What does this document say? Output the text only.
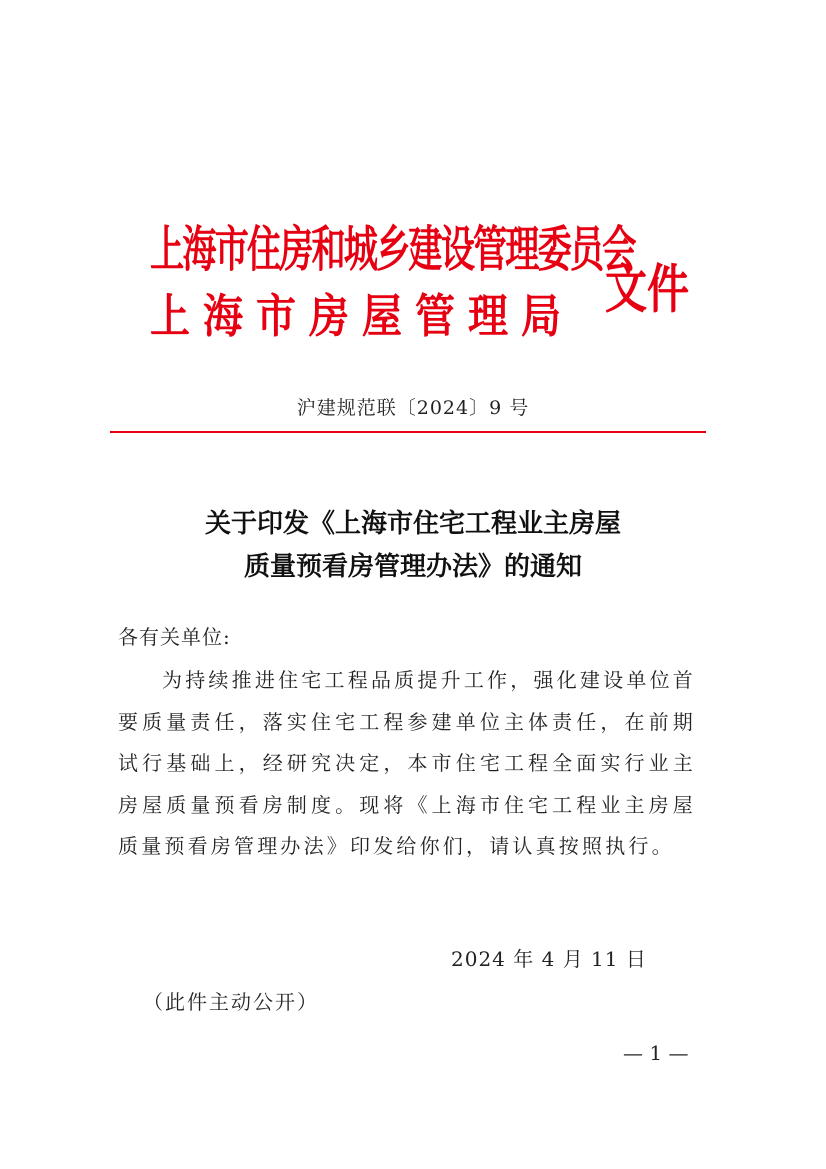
上海市住房和城乡建设管理委员会
上海市房屋管理局 文件
沪建规范联〔2024〕9 号
关于印发《上海市住宅工程业主房屋
质量预看房管理办法》的通知
各有关单位:
为持续推进住宅工程品质提升工作，强化建设单位首要质量责任，落实住宅工程参建单位主体责任，在前期试行基础上，经研究决定，本市住宅工程全面实行业主房屋质量预看房制度。现将《上海市住宅工程业主房屋质量预看房管理办法》印发给你们，请认真按照执行。
2024 年 4 月 11 日
（此件主动公开）
— 1 —
